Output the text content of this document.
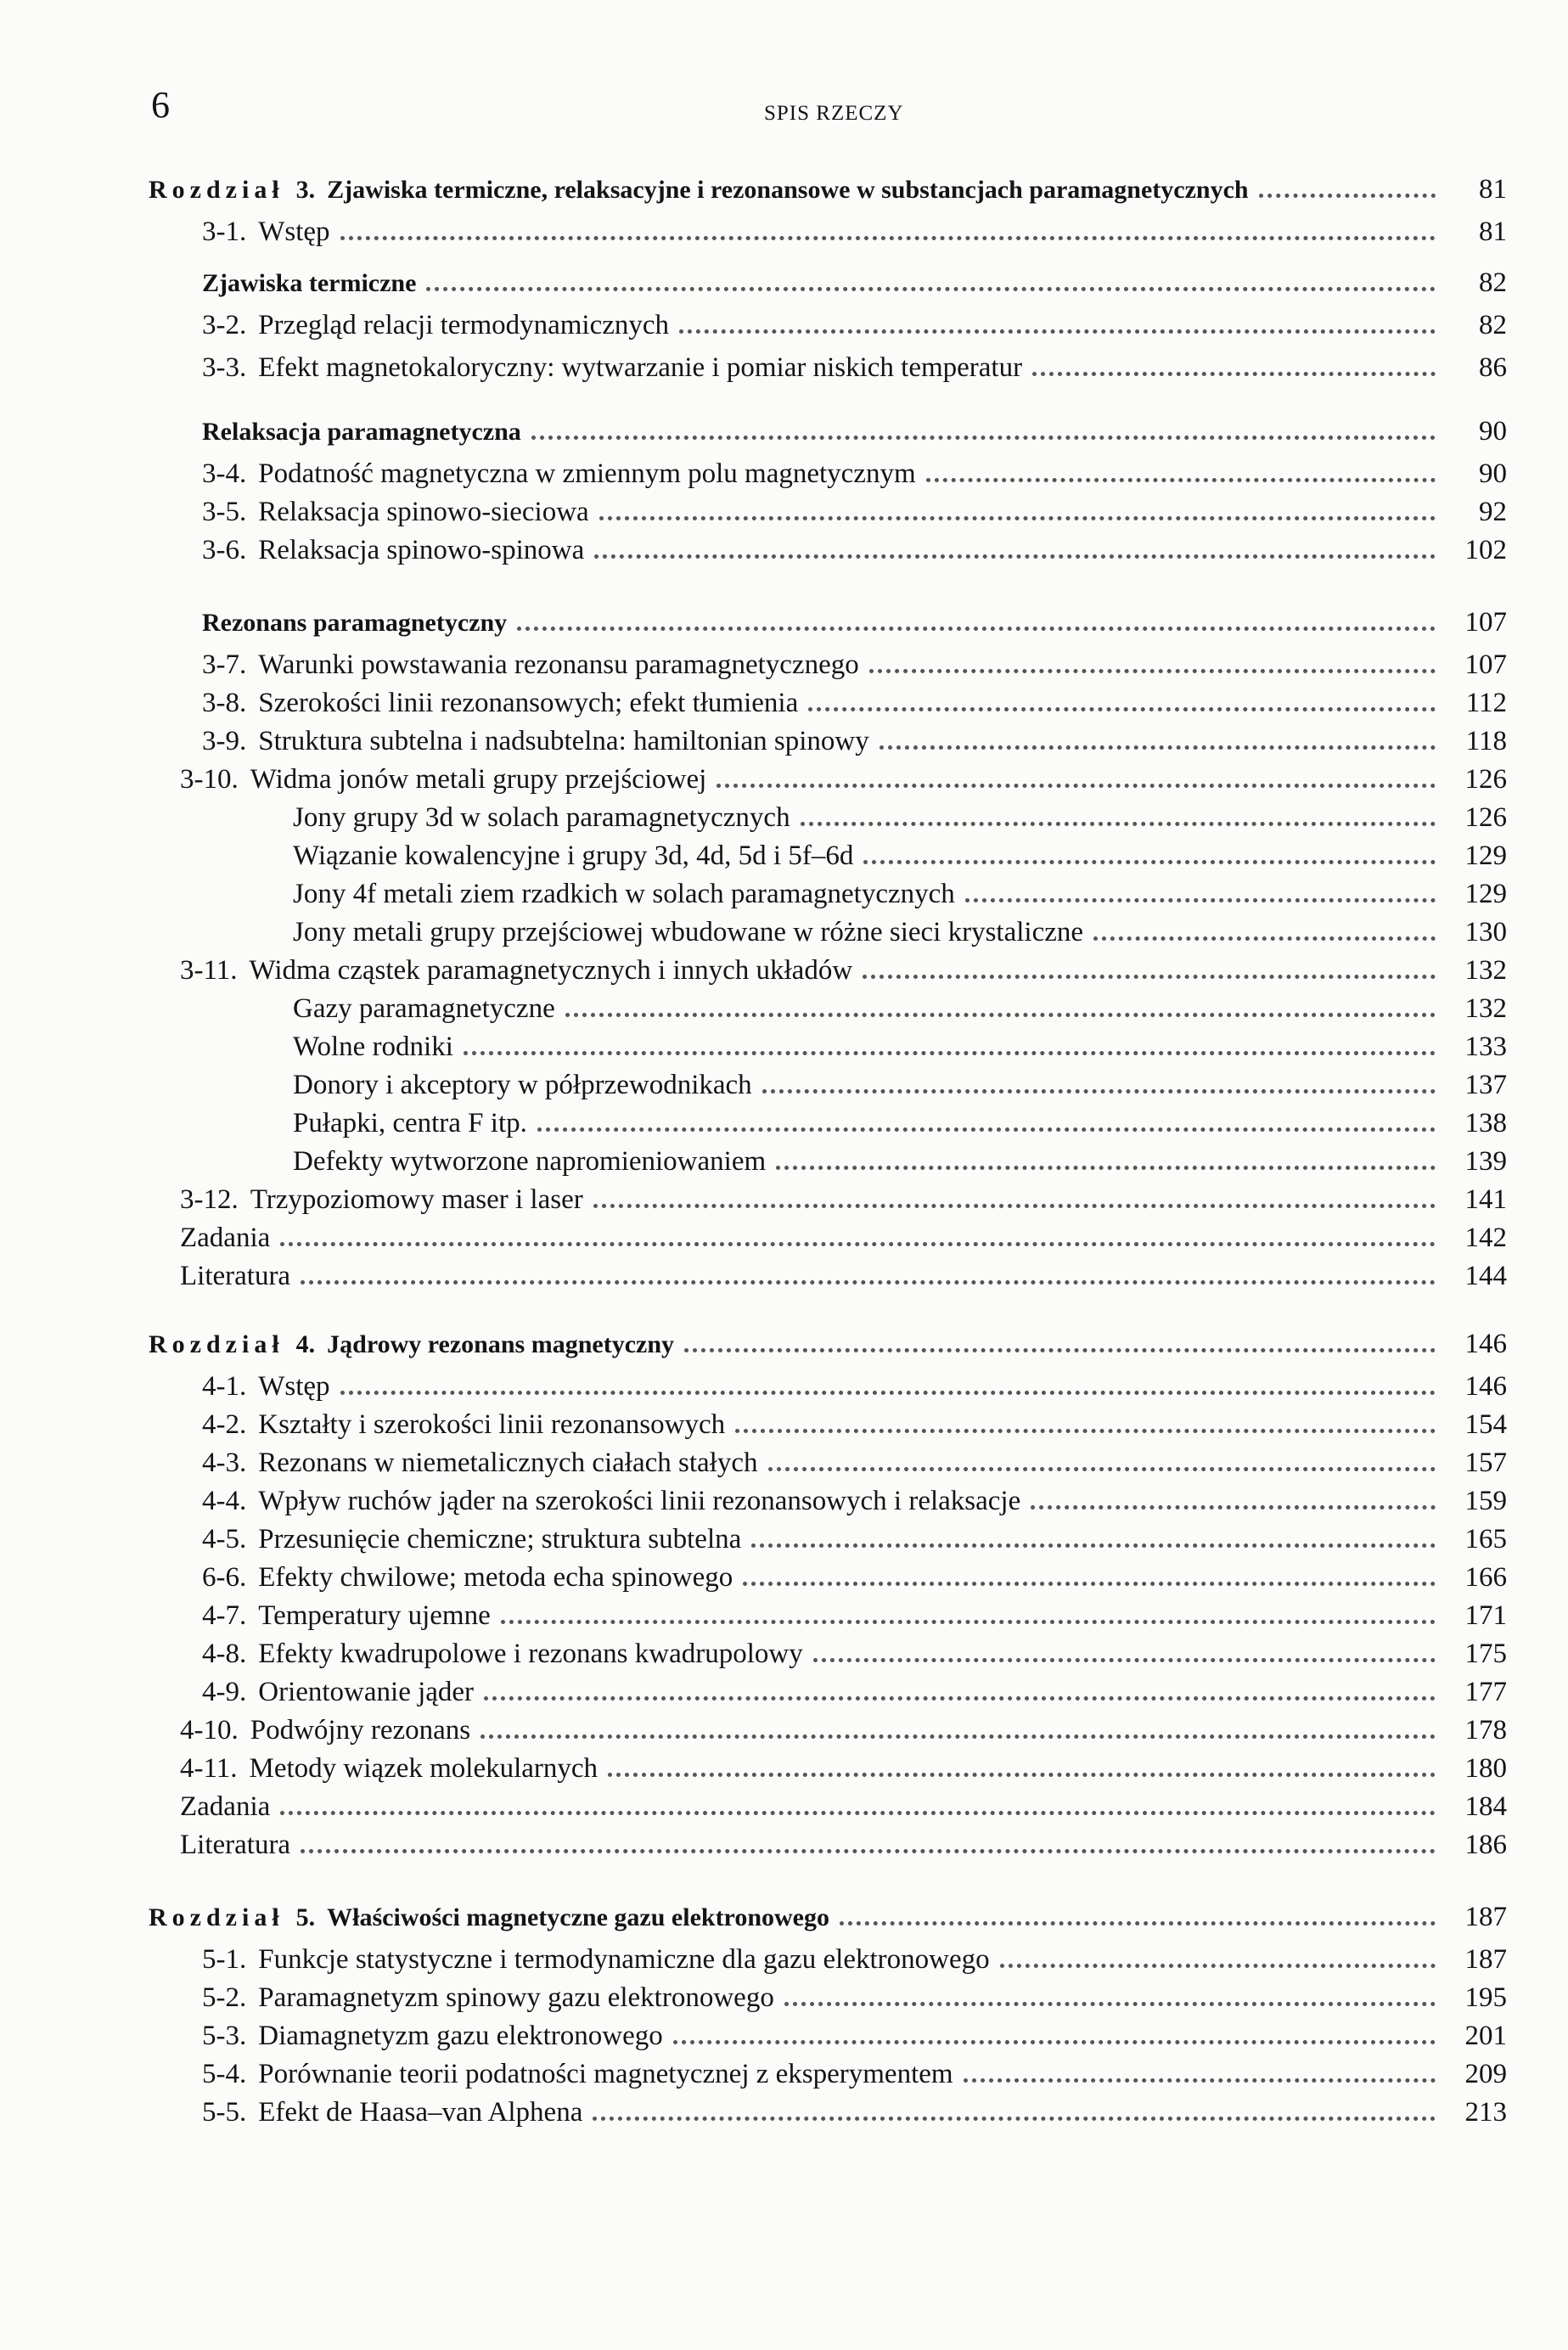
6	SPIS RZECZY
Rozdział 3. Zjawiska termiczne, relaksacyjne i rezonansowe w substancjach paramagnetycznych	81
3-1. Wstęp	81
Zjawiska termiczne	82
3-2. Przegląd relacji termodynamicznych	82
3-3. Efekt magnetokaloryczny: wytwarzanie i pomiar niskich temperatur	86
Relaksacja paramagnetyczna	90
3-4. Podatność magnetyczna w zmiennym polu magnetycznym	90
3-5. Relaksacja spinowo-sieciowa	92
3-6. Relaksacja spinowo-spinowa	102
Rezonans paramagnetyczny	107
3-7. Warunki powstawania rezonansu paramagnetycznego	107
3-8. Szerokości linii rezonansowych; efekt tłumienia	112
3-9. Struktura subtelna i nadsubtelna: hamiltonian spinowy	118
3-10. Widma jonów metali grupy przejściowej	126
Jony grupy 3d w solach paramagnetycznych	126
Wiązanie kowalencyjne i grupy 3d, 4d, 5d i 5f–6d	129
Jony 4f metali ziem rzadkich w solach paramagnetycznych	129
Jony metali grupy przejściowej wbudowane w różne sieci krystaliczne	130
3-11. Widma cząstek paramagnetycznych i innych układów	132
Gazy paramagnetyczne	132
Wolne rodniki	133
Donory i akceptory w półprzewodnikach	137
Pułapki, centra F itp.	138
Defekty wytworzone napromieniowaniem	139
3-12. Trzypoziomowy maser i laser	141
Zadania	142
Literatura	144
Rozdział 4. Jądrowy rezonans magnetyczny	146
4-1. Wstęp	146
4-2. Kształty i szerokości linii rezonansowych	154
4-3. Rezonans w niemetalicznych ciałach stałych	157
4-4. Wpływ ruchów jąder na szerokości linii rezonansowych i relaksacje	159
4-5. Przesunięcie chemiczne; struktura subtelna	165
6-6. Efekty chwilowe; metoda echa spinowego	166
4-7. Temperatury ujemne	171
4-8. Efekty kwadrupolowe i rezonans kwadrupolowy	175
4-9. Orientowanie jąder	177
4-10. Podwójny rezonans	178
4-11. Metody wiązek molekularnych	180
Zadania	184
Literatura	186
Rozdział 5. Właściwości magnetyczne gazu elektronowego	187
5-1. Funkcje statystyczne i termodynamiczne dla gazu elektronowego	187
5-2. Paramagnetyzm spinowy gazu elektronowego	195
5-3. Diamagnetyzm gazu elektronowego	201
5-4. Porównanie teorii podatności magnetycznej z eksperymentem	209
5-5. Efekt de Haasa–van Alphena	213
